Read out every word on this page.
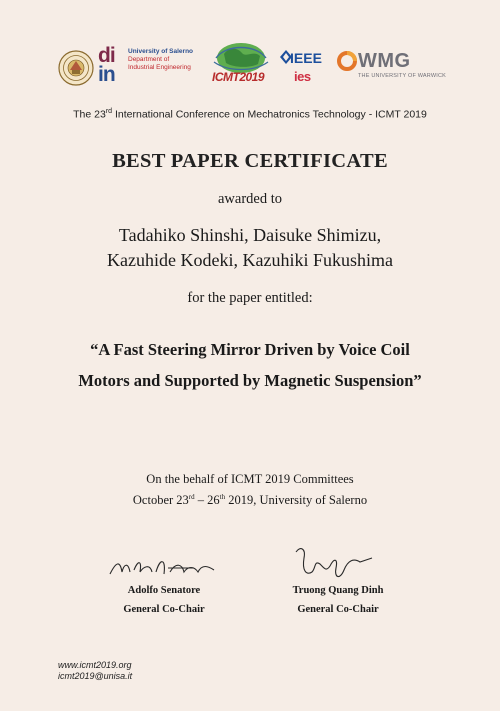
di
in
University of Salerno
Department of
Industrial Engineering
ICMT2019
IEEE
ies
WMG
THE UNIVERSITY OF WARWICK
The 23rd International Conference on Mechatronics Technology - ICMT 2019
BEST PAPER CERTIFICATE
awarded to
Tadahiko Shinshi, Daisuke Shimizu,
Kazuhide Kodeki, Kazuhiki Fukushima
for the paper entitled:
“A Fast Steering Mirror Driven by Voice Coil
Motors and Supported by Magnetic Suspension”
On the behalf of ICMT 2019 Committees
October 23rd – 26th 2019, University of Salerno
Adolfo Senatore
General Co-Chair
Truong Quang Dinh
General Co-Chair
www.icmt2019.org
icmt2019@unisa.it
